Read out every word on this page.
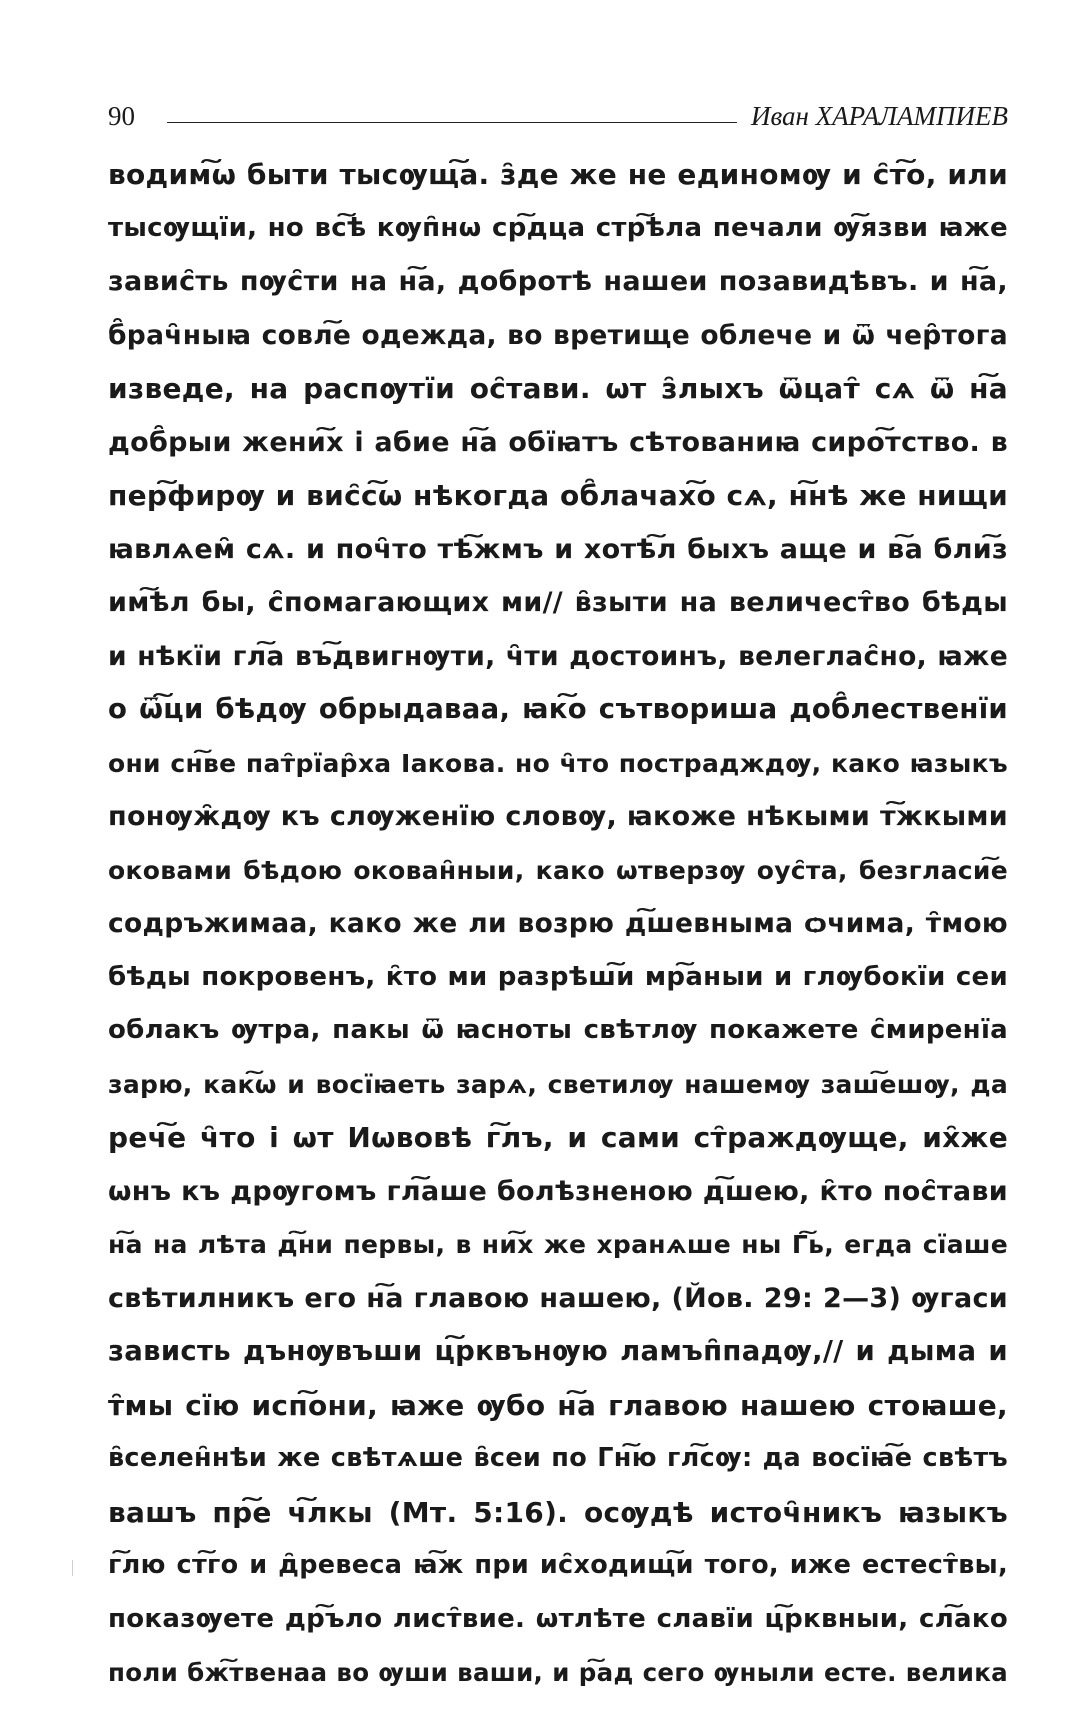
90	Иван ХАРАЛАМПИЕВ
водим͠ѡ быти тысѹщ͠а. з̑де же не единомѹ и с̑т͠о, или
тысѹщїи, но вс͠ѣ кѹп̑нѡ ср͠дца стр͠ѣла печали ѹ͠язви ꙗже
завис̑ть пѹс̑ти на н͠а, добротѣ нашеи позавидѣвъ. и н͠а,
б̑рач̑ныꙗ совл͠е одежда, во вретище облече и ѿ чер̑тога
изведе, на распѹтїи ос̑тави. ѡт з̑лыхъ ѿцат̑ сѧ ѿ н͠а
доб̑рыи жени͠х і абие н͠а обїꙗтъ сѣтованиꙗ сиро͠тство. в
пер͠фирѹ и вис̑с͠ѡ нѣкогда об̑лачах͠о сѧ, н͠нѣ же нищи
ꙗвлѧем̑ сѧ. и поч̑то тѣ͠жмъ и хотѣ͠л быхъ аще и в͠а бли͠з
им͠ѣл бы, с̑помагающих ми// в̑зыти на величест̑во бѣды
и нѣкїи гл͠а въ͠двигнѹти, ч̑ти достоинъ, велеглас̑но, ꙗже
о ѿ͠ци бѣдѹ обрыдаваа, ꙗк͠о сътвориша доб̑лественїи
они сн͠ве пат̑рїар̑ха Іакова. но ч̑то пострадждѹ, како ꙗзыкъ
понѹж̑дѹ къ слѹженїю словѹ, ꙗкоже нѣкыми т͠жкыми
оковами бѣдою окован̑ныи, како ѡтверзѹ оус̑та, безгласи͠е
содръжимаа, како же ли возрю д͠шевныма ѻчима, т̑мою
бѣды покровенъ, к̑то ми разрѣш͠и мр͠аныи и глѹбокїи сеи
облакъ ѹтра, пакы ѿ ꙗсноты свѣтлѹ покажете с̑миренїа
зарю, как͠ѡ и восїꙗеть зарѧ, светилѹ нашемѹ заш͠ешѹ, да
реч͠е ч̑то і ѡт Иѡвовѣ г͠лъ, и сами ст̑раждѹще, их̑же
ѡнъ къ дрѹгомъ гл͠аше болѣзненою д͠шею, к̑то пос̑тави
н͠а на лѣта д͠ни первы, в ни͠х же хранѧше ны Г͠ь, егда сїаше
свѣтилникъ его н͠а главою нашею, (Йов. 29: 2—3) ѹгаси
зависть дънѹвъши ц͠рквънѹю ламъп̑падѹ,// и дыма и
т̑мы сїю исп͠они, ꙗже ѹбо н͠а главою нашею стоꙗше,
в̑селен̑нѣи же свѣтѧше в̑сеи по Гн͠ю гл͠сѹ: да восїꙗ͠е свѣтъ
вашъ пр͠е ч͠лкы (Мт. 5:16). осѹдѣ источ̑никъ ꙗзыкъ
г͠лю ст͠го и д̑ревеса ꙗ͠ж при ис̑ходищ͠и того, иже естест̑вы,
показѹете др͠ъло лист̑вие. ѡтлѣте славїи ц͠рквныи, сл͠ако
поли бж͠твенаа во ѹши ваши, и р͠ад сего ѹныли есте. велика
